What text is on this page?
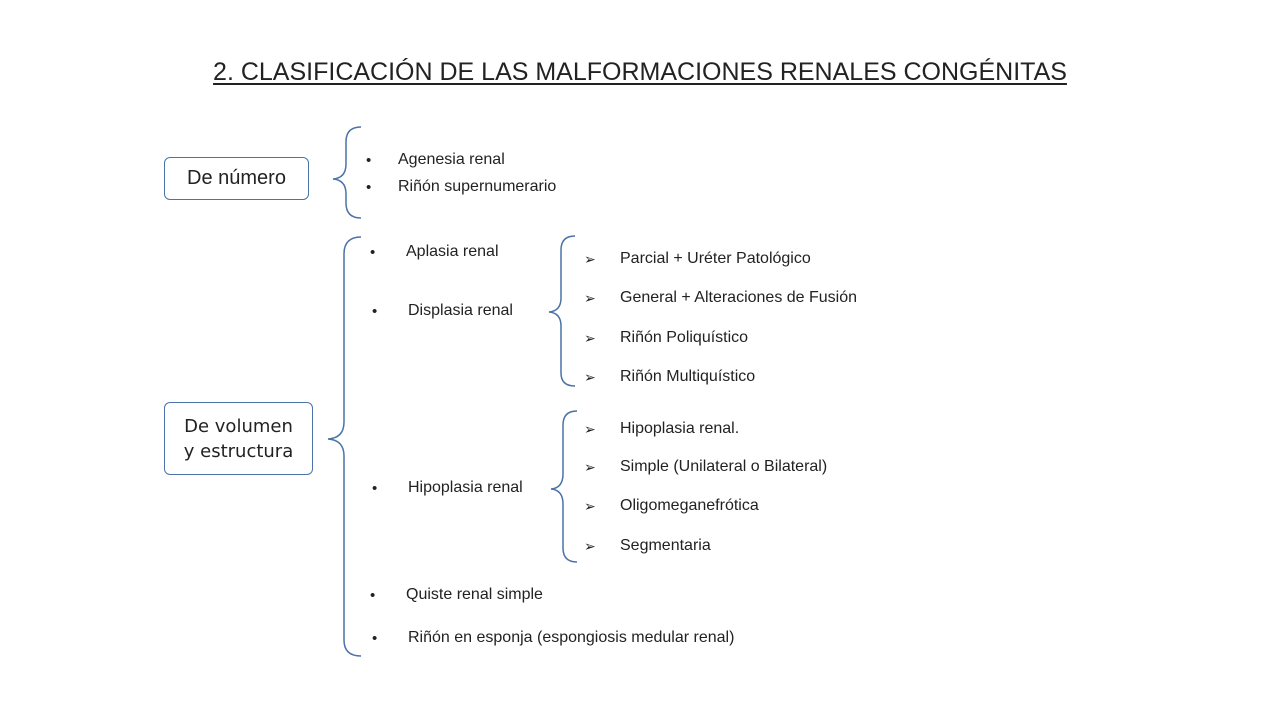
2. CLASIFICACIÓN DE LAS MALFORMACIONES RENALES CONGÉNITAS
De número
De volumen
y estructura
•	Agenesia renal
•	Riñón supernumerario
•	Aplasia renal
•	Displasia renal
•	Hipoplasia renal
•	Quiste renal simple
•	Riñón en esponja (espongiosis medular renal)
➢	Parcial + Uréter Patológico
➢	General + Alteraciones de Fusión
➢	Riñón Poliquístico
➢	Riñón Multiquístico
➢	Hipoplasia renal.
➢	Simple (Unilateral o Bilateral)
➢	Oligomeganefrótica
➢	Segmentaria
